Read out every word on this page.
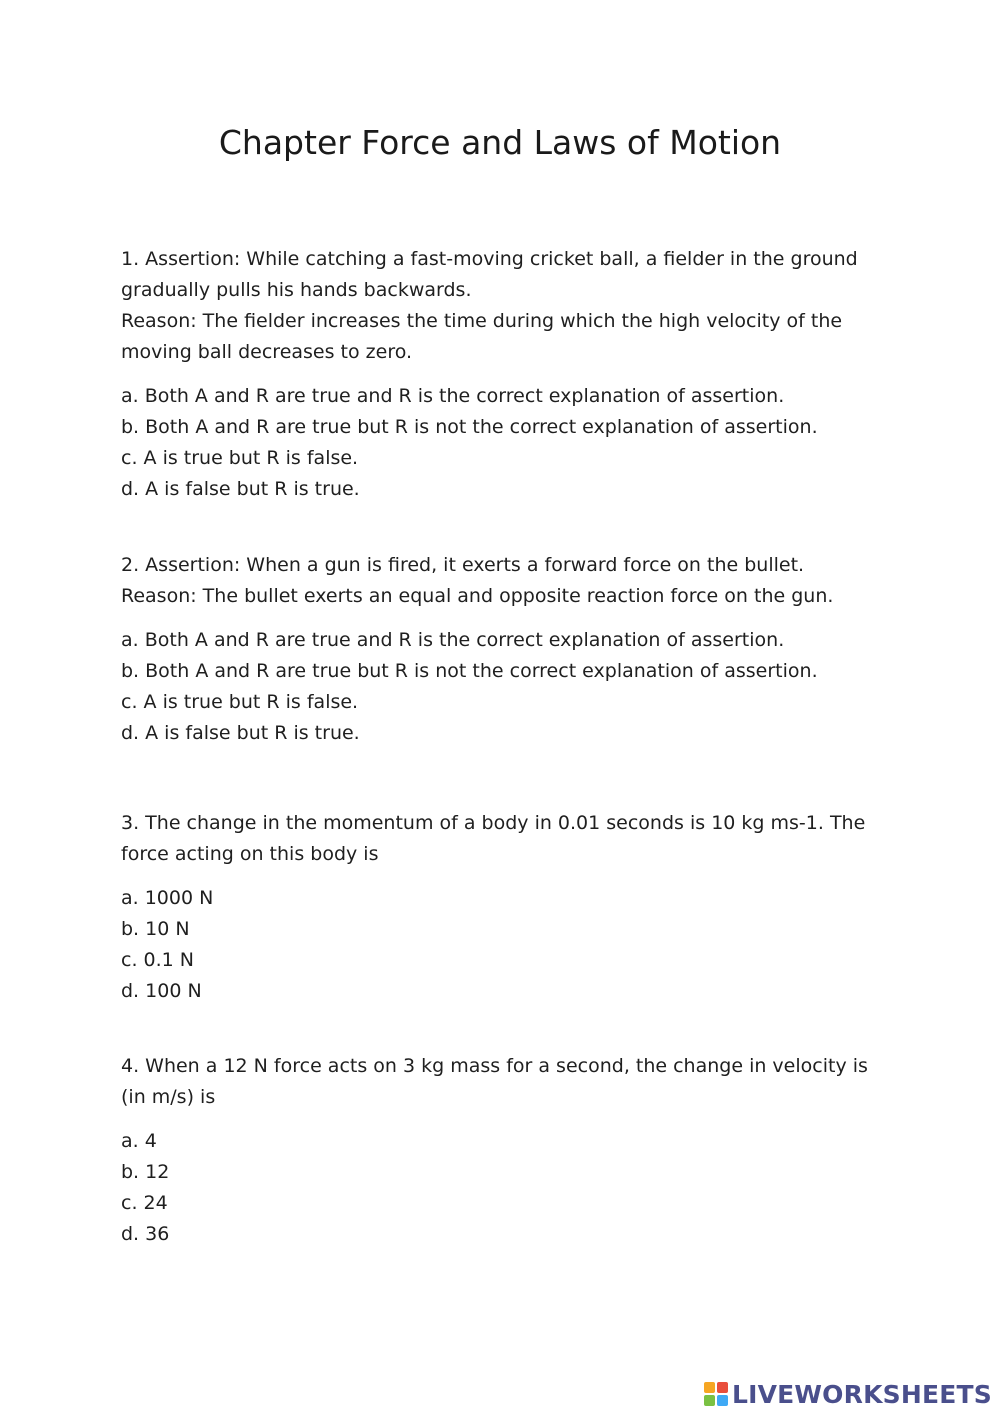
Chapter Force and Laws of Motion
1. Assertion: While catching a fast-moving cricket ball, a fielder in the ground
gradually pulls his hands backwards.
Reason: The fielder increases the time during which the high velocity of the
moving ball decreases to zero.
a. Both A and R are true and R is the correct explanation of assertion.
b. Both A and R are true but R is not the correct explanation of assertion.
c. A is true but R is false.
d. A is false but R is true.
2. Assertion: When a gun is fired, it exerts a forward force on the bullet.
Reason: The bullet exerts an equal and opposite reaction force on the gun.
a. Both A and R are true and R is the correct explanation of assertion.
b. Both A and R are true but R is not the correct explanation of assertion.
c. A is true but R is false.
d. A is false but R is true.
3. The change in the momentum of a body in 0.01 seconds is 10 kg ms-1. The
force acting on this body is
a. 1000 N
b. 10 N
c. 0.1 N
d. 100 N
4. When a 12 N force acts on 3 kg mass for a second, the change in velocity is
(in m/s) is
a. 4
b. 12
c. 24
d. 36
LIVEWORKSHEETS
